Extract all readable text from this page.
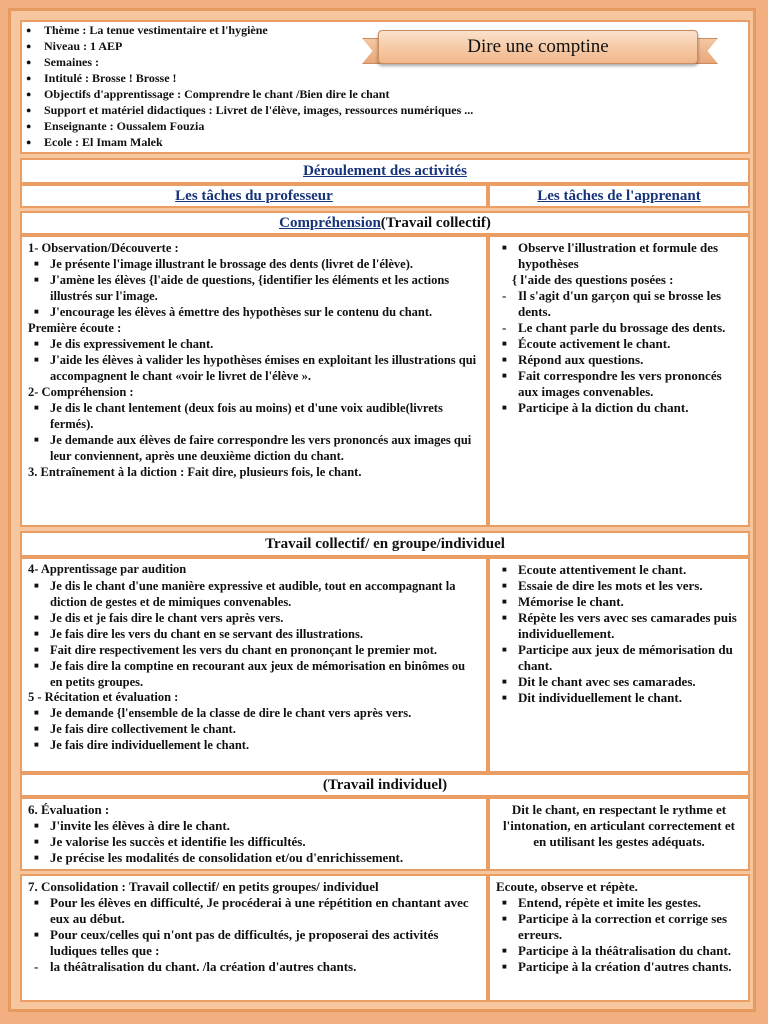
● Thème : La tenue vestimentaire et l'hygiène
● Niveau : 1 AEP
● Semaines :
● Intitulé : Brosse ! Brosse !
● Objectifs d'apprentissage : Comprendre le chant /Bien dire le chant
● Support et matériel didactiques : Livret de l'élève, images, ressources numériques ...
● Enseignante : Oussalem Fouzia
● Ecole : El Imam Malek
Dire une comptine
Déroulement des activités
Les tâches du professeur	Les tâches de l'apprenant
Compréhension (Travail collectif)
1- Observation/Découverte :
■ Je présente l'image illustrant le brossage des dents (livret de l'élève).
■ J'amène les élèves {l'aide de questions, {identifier les éléments et les actions illustrés sur l'image.
■ J'encourage les élèves à émettre des hypothèses sur le contenu du chant.
Première écoute :
■ Je dis expressivement le chant.
■ J'aide les élèves à valider les hypothèses émises en exploitant les illustrations qui accompagnent le chant «voir le livret de l'élève ».
2- Compréhension :
■ Je dis le chant lentement (deux fois au moins) et d'une voix audible(livrets fermés).
■ Je demande aux élèves de faire correspondre les vers prononcés aux images qui leur conviennent, après une deuxième diction du chant.
3. Entraînement à la diction : Fait dire, plusieurs fois, le chant.
■ Observe l'illustration et formule des hypothèses
{ l'aide des questions posées :
- Il s'agit d'un garçon qui se brosse les dents.
- Le chant parle du brossage des dents.
■ Écoute activement le chant.
■ Répond aux questions.
■ Fait correspondre les vers prononcés aux images convenables.
■ Participe à la diction du chant.
Travail collectif/ en groupe/individuel
4- Apprentissage par audition
■ Je dis le chant d'une manière expressive et audible, tout en accompagnant la diction de gestes et de mimiques convenables.
■ Je dis et je fais dire le chant vers après vers.
■ Je fais dire les vers du chant en se servant des illustrations.
■ Fait dire respectivement les vers du chant en prononçant le premier mot.
■ Je fais dire la comptine en recourant aux jeux de mémorisation en binômes ou en petits groupes.
5 - Récitation et évaluation :
■ Je demande {l'ensemble de la classe de dire le chant vers après vers.
■ Je fais dire collectivement le chant.
■ Je fais dire individuellement le chant.
■ Ecoute attentivement le chant.
■ Essaie de dire les mots et les vers.
■ Mémorise le chant.
■ Répète les vers avec ses camarades puis individuellement.
■ Participe aux jeux de mémorisation du chant.
■ Dit le chant avec ses camarades.
■ Dit individuellement le chant.
(Travail individuel)
6. Évaluation :
■ J'invite les élèves à dire le chant.
■ Je valorise les succès et identifie les difficultés.
■ Je précise les modalités de consolidation et/ou d'enrichissement.
Dit le chant, en respectant le rythme et l'intonation, en articulant correctement et en utilisant les gestes adéquats.
7. Consolidation : Travail collectif/ en petits groupes/ individuel
■ Pour les élèves en difficulté, Je procéderai à une répétition en chantant avec eux au début.
■ Pour ceux/celles qui n'ont pas de difficultés, je proposerai des activités ludiques telles que :
- la théâtralisation du chant. /la création d'autres chants.
Ecoute, observe et répète.
■ Entend, répète et imite les gestes.
■ Participe à la correction et corrige ses erreurs.
■ Participe à la théâtralisation du chant.
■ Participe à la création d'autres chants.
